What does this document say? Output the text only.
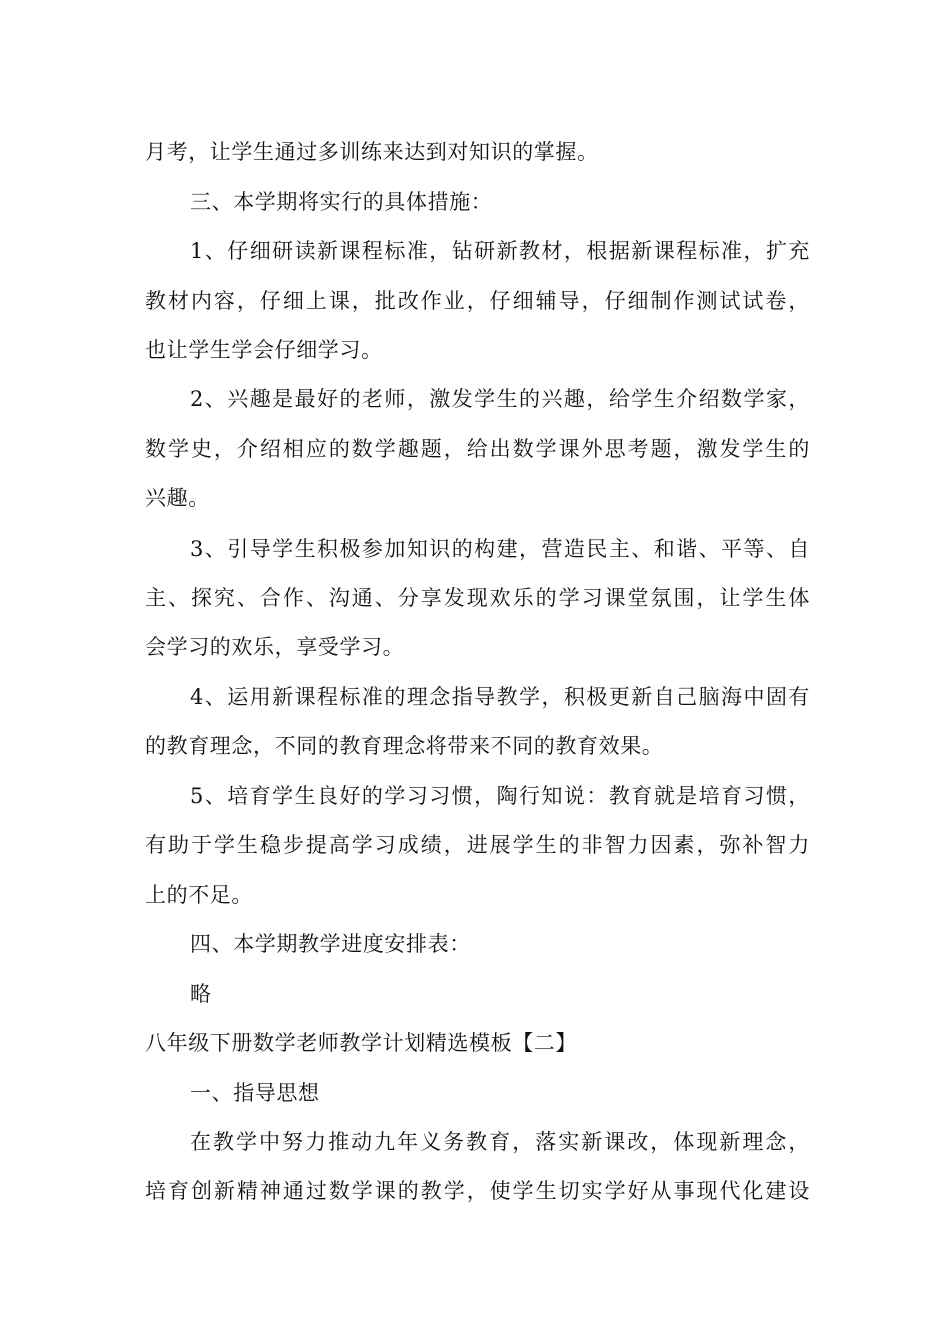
月考，让学生通过多训练来达到对知识的掌握。
三、本学期将实行的具体措施：
1、仔细研读新课程标准，钻研新教材，根据新课程标准，扩充
教材内容，仔细上课，批改作业，仔细辅导，仔细制作测试试卷，
也让学生学会仔细学习。
2、兴趣是最好的老师，激发学生的兴趣，给学生介绍数学家，
数学史，介绍相应的数学趣题，给出数学课外思考题，激发学生的
兴趣。
3、引导学生积极参加知识的构建，营造民主、和谐、平等、自
主、探究、合作、沟通、分享发现欢乐的学习课堂氛围，让学生体
会学习的欢乐，享受学习。
4、运用新课程标准的理念指导教学，积极更新自己脑海中固有
的教育理念，不同的教育理念将带来不同的教育效果。
5、培育学生良好的学习习惯，陶行知说：教育就是培育习惯，
有助于学生稳步提高学习成绩，进展学生的非智力因素，弥补智力
上的不足。
四、本学期教学进度安排表：
略
八年级下册数学老师教学计划精选模板【二】
一、指导思想
在教学中努力推动九年义务教育，落实新课改，体现新理念，
培育创新精神通过数学课的教学，使学生切实学好从事现代化建设
